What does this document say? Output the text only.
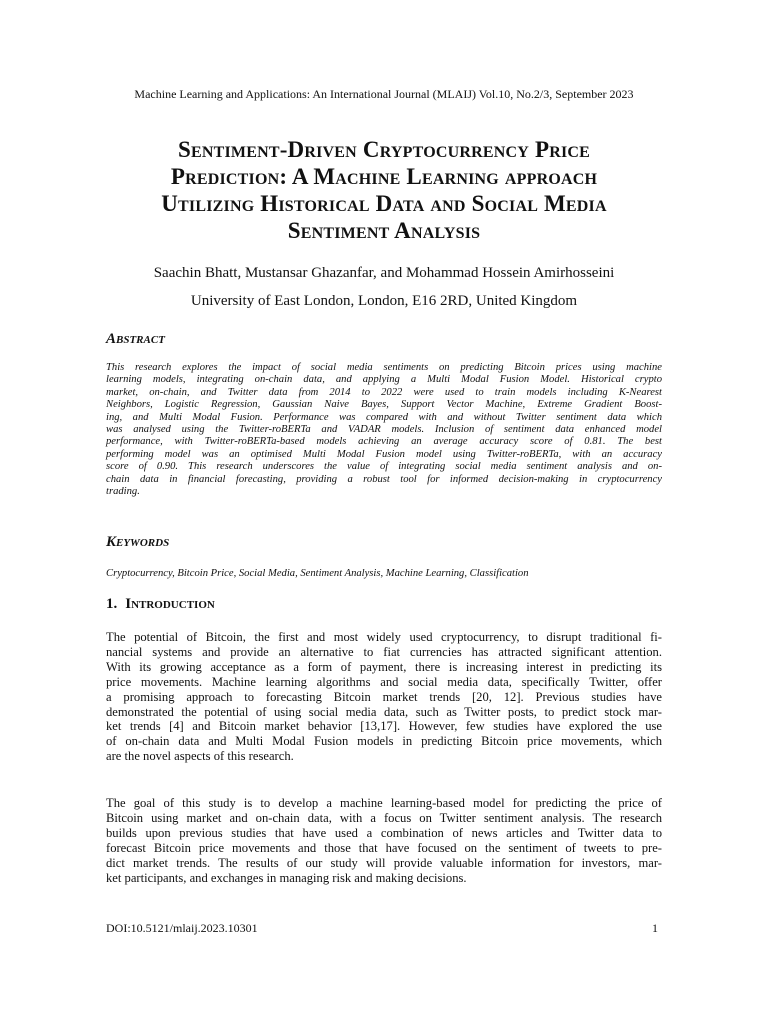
Machine Learning and Applications: An International Journal (MLAIJ) Vol.10, No.2/3, September 2023
Sentiment-Driven Cryptocurrency Price
Prediction: A Machine Learning approach
Utilizing Historical Data and Social Media
Sentiment Analysis
Saachin Bhatt, Mustansar Ghazanfar, and Mohammad Hossein Amirhosseini
University of East London, London, E16 2RD, United Kingdom
Abstract
This research explores the impact of social media sentiments on predicting Bitcoin prices using machine
learning models, integrating on-chain data, and applying a Multi Modal Fusion Model. Historical crypto
market, on-chain, and Twitter data from 2014 to 2022 were used to train models including K-Nearest
Neighbors, Logistic Regression, Gaussian Naive Bayes, Support Vector Machine, Extreme Gradient Boost-
ing, and Multi Modal Fusion. Performance was compared with and without Twitter sentiment data which
was analysed using the Twitter-roBERTa and VADAR models. Inclusion of sentiment data enhanced model
performance, with Twitter-roBERTa-based models achieving an average accuracy score of 0.81. The best
performing model was an optimised Multi Modal Fusion model using Twitter-roBERTa, with an accuracy
score of 0.90. This research underscores the value of integrating social media sentiment analysis and on-
chain data in financial forecasting, providing a robust tool for informed decision-making in cryptocurrency
trading.
Keywords
Cryptocurrency, Bitcoin Price, Social Media, Sentiment Analysis, Machine Learning, Classification
1. Introduction
The potential of Bitcoin, the first and most widely used cryptocurrency, to disrupt traditional fi-
nancial systems and provide an alternative to fiat currencies has attracted significant attention.
With its growing acceptance as a form of payment, there is increasing interest in predicting its
price movements. Machine learning algorithms and social media data, specifically Twitter, offer
a promising approach to forecasting Bitcoin market trends [20, 12]. Previous studies have
demonstrated the potential of using social media data, such as Twitter posts, to predict stock mar-
ket trends [4] and Bitcoin market behavior [13,17]. However, few studies have explored the use
of on-chain data and Multi Modal Fusion models in predicting Bitcoin price movements, which
are the novel aspects of this research.
The goal of this study is to develop a machine learning-based model for predicting the price of
Bitcoin using market and on-chain data, with a focus on Twitter sentiment analysis. The research
builds upon previous studies that have used a combination of news articles and Twitter data to
forecast Bitcoin price movements and those that have focused on the sentiment of tweets to pre-
dict market trends. The results of our study will provide valuable information for investors, mar-
ket participants, and exchanges in managing risk and making decisions.
DOI:10.5121/mlaij.2023.10301	1
